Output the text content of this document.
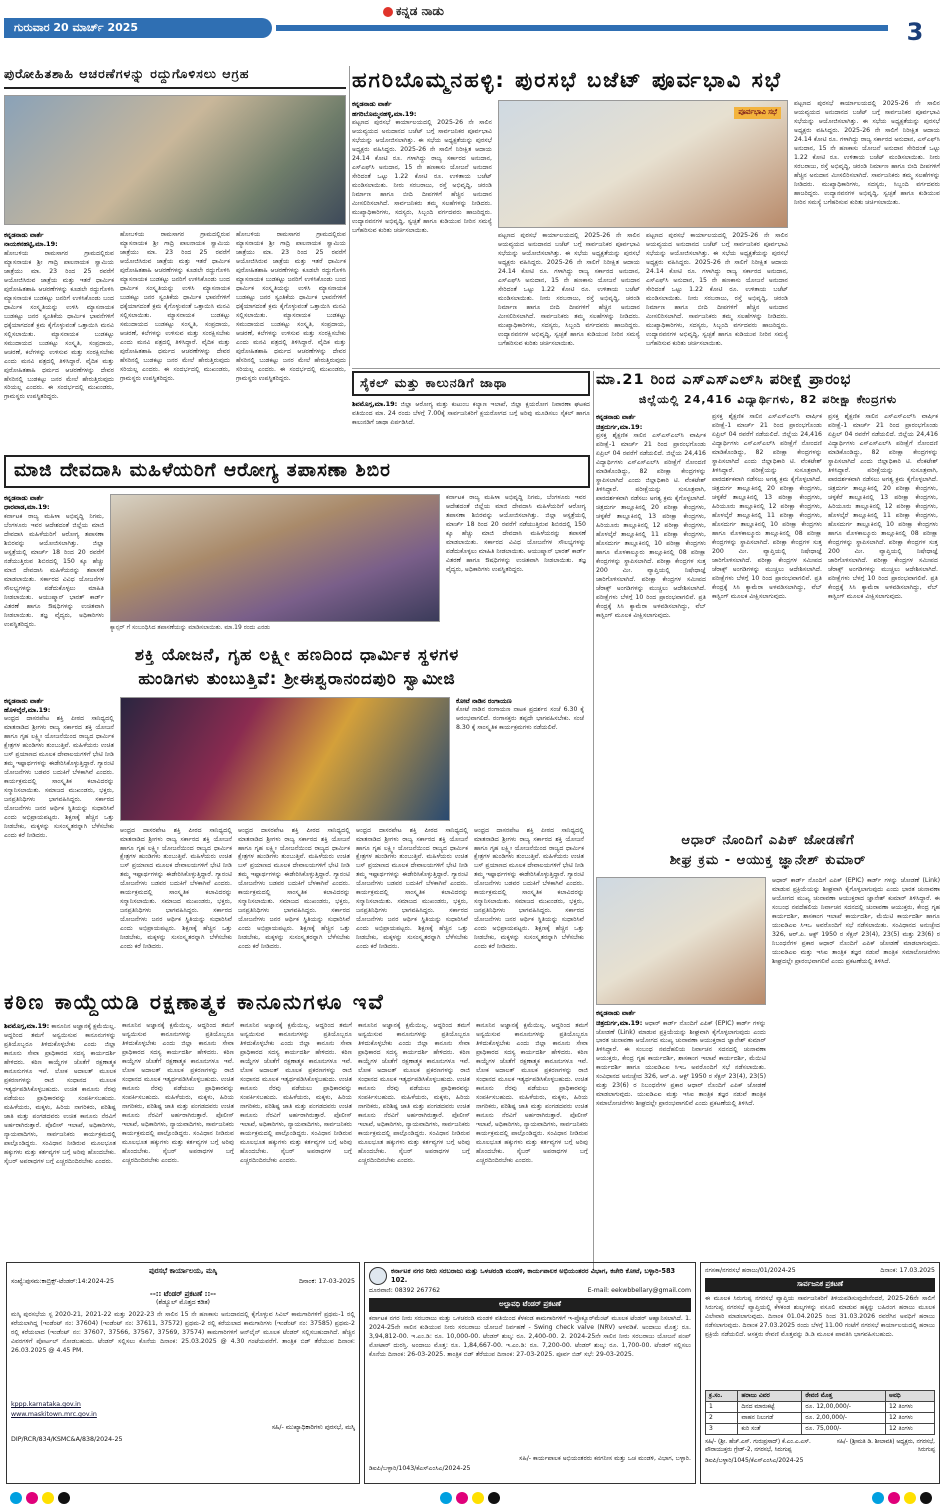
ಗುರುವಾರ 20 ಮಾರ್ಚ್ 2025
ಕನ್ನಡ ನಾಡು
3
ಪುರೋಹಿತಶಾಹಿ ಆಚರಣೆಗಳನ್ನು ರದ್ದುಗೊಳಿಸಲು ಆಗ್ರಹ
ಕನ್ನಡನಾಡು ವಾರ್ತೆ
ನಾಯಕನಹಟ್ಟಿ,ಮಾ.19:
ಹೋಬಳಿಯ ರಾಮಸಾಗರ ಗ್ರಾಮದಲ್ಲಿರುವ ಮ್ಯಾಸನಾಯಕ ಶ್ರೀ ಗಾದ್ರಿ ಪಾಲನಾಯಕ ಸ್ವಾಮಿಯ ಜಾತ್ರೆಯು ಮಾ. 23 ರಿಂದ 25 ರವರೆಗೆ ಆಯೋಜಿಸಿರುವ ಜಾತ್ರೆಯ ಮತ್ತು ಇತರೆ ಧಾರ್ಮಿಕ ಪುರೋಹಿತಶಾಹಿ ಆಚರಣೆಗಳನ್ನು ಕೂಡಲೇ ರದ್ದುಗೊಳಿಸಿ ಮ್ಯಾಸನಾಯಕ ಬುಡಕಟ್ಟು ಜನರಿಗೆ ಉಳಿಸಿಕೊಂಡು ಬಂದ ಧಾರ್ಮಿಕ ಸಂಸ್ಕೃತಿಯನ್ನು ಉಳಿಸಿ ಮ್ಯಾಸನಾಯಕ ಬುಡಕಟ್ಟು ಜನರ ಸ್ವಂತಿಕೆಯ ಧಾರ್ಮಿಕ ಭಾವನೆಗಳಿಗೆ ಧಕ್ಕೆಯಾಗದಂತೆ ಕ್ರಮ ಕೈಗೊಳ್ಳುವಂತೆ ಒತ್ತಾಯಿಸಿ ಮನವಿ ಸಲ್ಲಿಸಲಾಯಿತು. ಮ್ಯಾಸನಾಯಕ ಬುಡಕಟ್ಟು ಸಮುದಾಯದ ಬುಡಕಟ್ಟು ಸಂಸ್ಕೃತಿ, ಸಂಪ್ರದಾಯ, ಆಚರಣೆ, ಕಲೆಗಳನ್ನು ಉಳಿಸುವ ಮತ್ತು ಸಂರಕ್ಷಿಸಬೇಕು ಎಂದು ಮನವಿ ಪತ್ರದಲ್ಲಿ ತಿಳಿಸಿದ್ದಾರೆ. ವೈದಿಕ ಮತ್ತು ಪುರೋಹಿತಶಾಹಿ ಧರ್ಮದ ಆಚರಣೆಗಳನ್ನು ದೇವರ ಹೆಸರಿನಲ್ಲಿ ಬುಡಕಟ್ಟು ಜನರ ಮೇಲೆ ಹೇರುತ್ತಿರುವುದು ಸರಿಯಲ್ಲ ಎಂದರು. ಈ ಸಂದರ್ಭದಲ್ಲಿ ಮುಖಂಡರು, ಗ್ರಾಮಸ್ಥರು ಉಪಸ್ಥಿತರಿದ್ದರು.
ಹೋಬಳಿಯ ರಾಮಸಾಗರ ಗ್ರಾಮದಲ್ಲಿರುವ ಮ್ಯಾಸನಾಯಕ ಶ್ರೀ ಗಾದ್ರಿ ಪಾಲನಾಯಕ ಸ್ವಾಮಿಯ ಜಾತ್ರೆಯು ಮಾ. 23 ರಿಂದ 25 ರವರೆಗೆ ಆಯೋಜಿಸಿರುವ ಜಾತ್ರೆಯ ಮತ್ತು ಇತರೆ ಧಾರ್ಮಿಕ ಪುರೋಹಿತಶಾಹಿ ಆಚರಣೆಗಳನ್ನು ಕೂಡಲೇ ರದ್ದುಗೊಳಿಸಿ ಮ್ಯಾಸನಾಯಕ ಬುಡಕಟ್ಟು ಜನರಿಗೆ ಉಳಿಸಿಕೊಂಡು ಬಂದ ಧಾರ್ಮಿಕ ಸಂಸ್ಕೃತಿಯನ್ನು ಉಳಿಸಿ ಮ್ಯಾಸನಾಯಕ ಬುಡಕಟ್ಟು ಜನರ ಸ್ವಂತಿಕೆಯ ಧಾರ್ಮಿಕ ಭಾವನೆಗಳಿಗೆ ಧಕ್ಕೆಯಾಗದಂತೆ ಕ್ರಮ ಕೈಗೊಳ್ಳುವಂತೆ ಒತ್ತಾಯಿಸಿ ಮನವಿ ಸಲ್ಲಿಸಲಾಯಿತು. ಮ್ಯಾಸನಾಯಕ ಬುಡಕಟ್ಟು ಸಮುದಾಯದ ಬುಡಕಟ್ಟು ಸಂಸ್ಕೃತಿ, ಸಂಪ್ರದಾಯ, ಆಚರಣೆ, ಕಲೆಗಳನ್ನು ಉಳಿಸುವ ಮತ್ತು ಸಂರಕ್ಷಿಸಬೇಕು ಎಂದು ಮನವಿ ಪತ್ರದಲ್ಲಿ ತಿಳಿಸಿದ್ದಾರೆ. ವೈದಿಕ ಮತ್ತು ಪುರೋಹಿತಶಾಹಿ ಧರ್ಮದ ಆಚರಣೆಗಳನ್ನು ದೇವರ ಹೆಸರಿನಲ್ಲಿ ಬುಡಕಟ್ಟು ಜನರ ಮೇಲೆ ಹೇರುತ್ತಿರುವುದು ಸರಿಯಲ್ಲ ಎಂದರು. ಈ ಸಂದರ್ಭದಲ್ಲಿ ಮುಖಂಡರು, ಗ್ರಾಮಸ್ಥರು ಉಪಸ್ಥಿತರಿದ್ದರು.
ಹೋಬಳಿಯ ರಾಮಸಾಗರ ಗ್ರಾಮದಲ್ಲಿರುವ ಮ್ಯಾಸನಾಯಕ ಶ್ರೀ ಗಾದ್ರಿ ಪಾಲನಾಯಕ ಸ್ವಾಮಿಯ ಜಾತ್ರೆಯು ಮಾ. 23 ರಿಂದ 25 ರವರೆಗೆ ಆಯೋಜಿಸಿರುವ ಜಾತ್ರೆಯ ಮತ್ತು ಇತರೆ ಧಾರ್ಮಿಕ ಪುರೋಹಿತಶಾಹಿ ಆಚರಣೆಗಳನ್ನು ಕೂಡಲೇ ರದ್ದುಗೊಳಿಸಿ ಮ್ಯಾಸನಾಯಕ ಬುಡಕಟ್ಟು ಜನರಿಗೆ ಉಳಿಸಿಕೊಂಡು ಬಂದ ಧಾರ್ಮಿಕ ಸಂಸ್ಕೃತಿಯನ್ನು ಉಳಿಸಿ ಮ್ಯಾಸನಾಯಕ ಬುಡಕಟ್ಟು ಜನರ ಸ್ವಂತಿಕೆಯ ಧಾರ್ಮಿಕ ಭಾವನೆಗಳಿಗೆ ಧಕ್ಕೆಯಾಗದಂತೆ ಕ್ರಮ ಕೈಗೊಳ್ಳುವಂತೆ ಒತ್ತಾಯಿಸಿ ಮನವಿ ಸಲ್ಲಿಸಲಾಯಿತು. ಮ್ಯಾಸನಾಯಕ ಬುಡಕಟ್ಟು ಸಮುದಾಯದ ಬುಡಕಟ್ಟು ಸಂಸ್ಕೃತಿ, ಸಂಪ್ರದಾಯ, ಆಚರಣೆ, ಕಲೆಗಳನ್ನು ಉಳಿಸುವ ಮತ್ತು ಸಂರಕ್ಷಿಸಬೇಕು ಎಂದು ಮನವಿ ಪತ್ರದಲ್ಲಿ ತಿಳಿಸಿದ್ದಾರೆ. ವೈದಿಕ ಮತ್ತು ಪುರೋಹಿತಶಾಹಿ ಧರ್ಮದ ಆಚರಣೆಗಳನ್ನು ದೇವರ ಹೆಸರಿನಲ್ಲಿ ಬುಡಕಟ್ಟು ಜನರ ಮೇಲೆ ಹೇರುತ್ತಿರುವುದು ಸರಿಯಲ್ಲ ಎಂದರು. ಈ ಸಂದರ್ಭದಲ್ಲಿ ಮುಖಂಡರು, ಗ್ರಾಮಸ್ಥರು ಉಪಸ್ಥಿತರಿದ್ದರು.
ಹಗರಿಬೊಮ್ಮನಹಳ್ಳಿ: ಪುರಸಭೆ ಬಜೆಟ್ ಪೂರ್ವಭಾವಿ ಸಭೆ
ಕನ್ನಡನಾಡು ವಾರ್ತೆ
ಹಗರಿಬೊಮ್ಮನಹಳ್ಳಿ,ಮಾ.19:
ಪಟ್ಟಣದ ಪುರಸಭೆ ಕಾರ್ಯಾಲಯದಲ್ಲಿ 2025-26 ನೇ ಸಾಲಿನ ಆಯವ್ಯಯದ ಅನುದಾನದ ಬಜೆಟ್ ಬಗ್ಗೆ ಸಾರ್ವಜನಿಕರ ಪೂರ್ವಭಾವಿ ಸಭೆಯನ್ನು ಆಯೋಜಿಸಲಾಗಿತ್ತು. ಈ ಸಭೆಯ ಅಧ್ಯಕ್ಷತೆಯನ್ನು ಪುರಸಭೆ ಅಧ್ಯಕ್ಷರು ವಹಿಸಿದ್ದರು. 2025-26 ನೇ ಸಾಲಿಗೆ ನಿರೀಕ್ಷಿತ ಆದಾಯ 24.14 ಕೋಟಿ ರೂ. ಗಳಾಗಿದ್ದು ರಾಜ್ಯ ಸರ್ಕಾರದ ಅನುದಾನ, ಎಸ್ಎಫ್‌ಸಿ ಅನುದಾನ, 15 ನೇ ಹಣಕಾಸು ಯೋಜನೆ ಅನುದಾನ ಸೇರಿದಂತೆ ಒಟ್ಟು 1.22 ಕೋಟಿ ರೂ. ಉಳಿತಾಯ ಬಜೆಟ್ ಮಂಡಿಸಲಾಯಿತು. ನೀರು ಸರಬರಾಜು, ರಸ್ತೆ ಅಭಿವೃದ್ಧಿ, ಚರಂಡಿ ನಿರ್ಮಾಣ ಹಾಗೂ ಬೀದಿ ದೀಪಗಳಿಗೆ ಹೆಚ್ಚಿನ ಅನುದಾನ ಮೀಸಲಿರಿಸಲಾಗಿದೆ. ಸಾರ್ವಜನಿಕರು ತಮ್ಮ ಸಲಹೆಗಳನ್ನು ನೀಡಿದರು. ಮುಖ್ಯಾಧಿಕಾರಿಗಳು, ಸದಸ್ಯರು, ಸಿಬ್ಬಂದಿ ವರ್ಗದವರು ಹಾಜರಿದ್ದರು. ಉದ್ಯಾನವನಗಳ ಅಭಿವೃದ್ಧಿ, ಸ್ವಚ್ಛತೆ ಹಾಗೂ ಕುಡಿಯುವ ನೀರಿನ ಸಮಸ್ಯೆ ಬಗೆಹರಿಸುವ ಕುರಿತು ಚರ್ಚಿಸಲಾಯಿತು.
ಪೂರ್ವಭಾವಿ ಸಭೆ
ಪಟ್ಟಣದ ಪುರಸಭೆ ಕಾರ್ಯಾಲಯದಲ್ಲಿ 2025-26 ನೇ ಸಾಲಿನ ಆಯವ್ಯಯದ ಅನುದಾನದ ಬಜೆಟ್ ಬಗ್ಗೆ ಸಾರ್ವಜನಿಕರ ಪೂರ್ವಭಾವಿ ಸಭೆಯನ್ನು ಆಯೋಜಿಸಲಾಗಿತ್ತು. ಈ ಸಭೆಯ ಅಧ್ಯಕ್ಷತೆಯನ್ನು ಪುರಸಭೆ ಅಧ್ಯಕ್ಷರು ವಹಿಸಿದ್ದರು. 2025-26 ನೇ ಸಾಲಿಗೆ ನಿರೀಕ್ಷಿತ ಆದಾಯ 24.14 ಕೋಟಿ ರೂ. ಗಳಾಗಿದ್ದು ರಾಜ್ಯ ಸರ್ಕಾರದ ಅನುದಾನ, ಎಸ್ಎಫ್‌ಸಿ ಅನುದಾನ, 15 ನೇ ಹಣಕಾಸು ಯೋಜನೆ ಅನುದಾನ ಸೇರಿದಂತೆ ಒಟ್ಟು 1.22 ಕೋಟಿ ರೂ. ಉಳಿತಾಯ ಬಜೆಟ್ ಮಂಡಿಸಲಾಯಿತು. ನೀರು ಸರಬರಾಜು, ರಸ್ತೆ ಅಭಿವೃದ್ಧಿ, ಚರಂಡಿ ನಿರ್ಮಾಣ ಹಾಗೂ ಬೀದಿ ದೀಪಗಳಿಗೆ ಹೆಚ್ಚಿನ ಅನುದಾನ ಮೀಸಲಿರಿಸಲಾಗಿದೆ. ಸಾರ್ವಜನಿಕರು ತಮ್ಮ ಸಲಹೆಗಳನ್ನು ನೀಡಿದರು. ಮುಖ್ಯಾಧಿಕಾರಿಗಳು, ಸದಸ್ಯರು, ಸಿಬ್ಬಂದಿ ವರ್ಗದವರು ಹಾಜರಿದ್ದರು. ಉದ್ಯಾನವನಗಳ ಅಭಿವೃದ್ಧಿ, ಸ್ವಚ್ಛತೆ ಹಾಗೂ ಕುಡಿಯುವ ನೀರಿನ ಸಮಸ್ಯೆ ಬಗೆಹರಿಸುವ ಕುರಿತು ಚರ್ಚಿಸಲಾಯಿತು.
ಪಟ್ಟಣದ ಪುರಸಭೆ ಕಾರ್ಯಾಲಯದಲ್ಲಿ 2025-26 ನೇ ಸಾಲಿನ ಆಯವ್ಯಯದ ಅನುದಾನದ ಬಜೆಟ್ ಬಗ್ಗೆ ಸಾರ್ವಜನಿಕರ ಪೂರ್ವಭಾವಿ ಸಭೆಯನ್ನು ಆಯೋಜಿಸಲಾಗಿತ್ತು. ಈ ಸಭೆಯ ಅಧ್ಯಕ್ಷತೆಯನ್ನು ಪುರಸಭೆ ಅಧ್ಯಕ್ಷರು ವಹಿಸಿದ್ದರು. 2025-26 ನೇ ಸಾಲಿಗೆ ನಿರೀಕ್ಷಿತ ಆದಾಯ 24.14 ಕೋಟಿ ರೂ. ಗಳಾಗಿದ್ದು ರಾಜ್ಯ ಸರ್ಕಾರದ ಅನುದಾನ, ಎಸ್ಎಫ್‌ಸಿ ಅನುದಾನ, 15 ನೇ ಹಣಕಾಸು ಯೋಜನೆ ಅನುದಾನ ಸೇರಿದಂತೆ ಒಟ್ಟು 1.22 ಕೋಟಿ ರೂ. ಉಳಿತಾಯ ಬಜೆಟ್ ಮಂಡಿಸಲಾಯಿತು. ನೀರು ಸರಬರಾಜು, ರಸ್ತೆ ಅಭಿವೃದ್ಧಿ, ಚರಂಡಿ ನಿರ್ಮಾಣ ಹಾಗೂ ಬೀದಿ ದೀಪಗಳಿಗೆ ಹೆಚ್ಚಿನ ಅನುದಾನ ಮೀಸಲಿರಿಸಲಾಗಿದೆ. ಸಾರ್ವಜನಿಕರು ತಮ್ಮ ಸಲಹೆಗಳನ್ನು ನೀಡಿದರು. ಮುಖ್ಯಾಧಿಕಾರಿಗಳು, ಸದಸ್ಯರು, ಸಿಬ್ಬಂದಿ ವರ್ಗದವರು ಹಾಜರಿದ್ದರು. ಉದ್ಯಾನವನಗಳ ಅಭಿವೃದ್ಧಿ, ಸ್ವಚ್ಛತೆ ಹಾಗೂ ಕುಡಿಯುವ ನೀರಿನ ಸಮಸ್ಯೆ ಬಗೆಹರಿಸುವ ಕುರಿತು ಚರ್ಚಿಸಲಾಯಿತು.
ಪಟ್ಟಣದ ಪುರಸಭೆ ಕಾರ್ಯಾಲಯದಲ್ಲಿ 2025-26 ನೇ ಸಾಲಿನ ಆಯವ್ಯಯದ ಅನುದಾನದ ಬಜೆಟ್ ಬಗ್ಗೆ ಸಾರ್ವಜನಿಕರ ಪೂರ್ವಭಾವಿ ಸಭೆಯನ್ನು ಆಯೋಜಿಸಲಾಗಿತ್ತು. ಈ ಸಭೆಯ ಅಧ್ಯಕ್ಷತೆಯನ್ನು ಪುರಸಭೆ ಅಧ್ಯಕ್ಷರು ವಹಿಸಿದ್ದರು. 2025-26 ನೇ ಸಾಲಿಗೆ ನಿರೀಕ್ಷಿತ ಆದಾಯ 24.14 ಕೋಟಿ ರೂ. ಗಳಾಗಿದ್ದು ರಾಜ್ಯ ಸರ್ಕಾರದ ಅನುದಾನ, ಎಸ್ಎಫ್‌ಸಿ ಅನುದಾನ, 15 ನೇ ಹಣಕಾಸು ಯೋಜನೆ ಅನುದಾನ ಸೇರಿದಂತೆ ಒಟ್ಟು 1.22 ಕೋಟಿ ರೂ. ಉಳಿತಾಯ ಬಜೆಟ್ ಮಂಡಿಸಲಾಯಿತು. ನೀರು ಸರಬರಾಜು, ರಸ್ತೆ ಅಭಿವೃದ್ಧಿ, ಚರಂಡಿ ನಿರ್ಮಾಣ ಹಾಗೂ ಬೀದಿ ದೀಪಗಳಿಗೆ ಹೆಚ್ಚಿನ ಅನುದಾನ ಮೀಸಲಿರಿಸಲಾಗಿದೆ. ಸಾರ್ವಜನಿಕರು ತಮ್ಮ ಸಲಹೆಗಳನ್ನು ನೀಡಿದರು. ಮುಖ್ಯಾಧಿಕಾರಿಗಳು, ಸದಸ್ಯರು, ಸಿಬ್ಬಂದಿ ವರ್ಗದವರು ಹಾಜರಿದ್ದರು. ಉದ್ಯಾನವನಗಳ ಅಭಿವೃದ್ಧಿ, ಸ್ವಚ್ಛತೆ ಹಾಗೂ ಕುಡಿಯುವ ನೀರಿನ ಸಮಸ್ಯೆ ಬಗೆಹರಿಸುವ ಕುರಿತು ಚರ್ಚಿಸಲಾಯಿತು.
ಸೈಕಲ್ ಮತ್ತು ಕಾಲುನಡಿಗೆ ಜಾಥಾ
ಶಿವಮೊಗ್ಗ,ಮಾ.19: ಜಿಲ್ಲಾ ಆರೋಗ್ಯ ಮತ್ತು ಕುಟುಂಬ ಕಲ್ಯಾಣ ಇಲಾಖೆ, ಜಿಲ್ಲಾ ಕ್ಷಯರೋಗ ನಿವಾರಣಾ ಘಟಕದ ವತಿಯಿಂದ ಮಾ. 24 ರಂದು ಬೆಳಗ್ಗೆ 7.00ಕ್ಕೆ ಸಾರ್ವಜನಿಕರಿಗೆ ಕ್ಷಯರೋಗದ ಬಗ್ಗೆ ಅರಿವು ಮೂಡಿಸಲು ಸೈಕಲ್ ಹಾಗೂ ಕಾಲುನಡಿಗೆ ಜಾಥಾ ಏರ್ಪಡಿಸಿದೆ.
ಮಾ.21 ರಿಂದ ಎಸ್‌ಎಸ್‌ಎಲ್‌ಸಿ ಪರೀಕ್ಷೆ ಪ್ರಾರಂಭ
ಜಿಲ್ಲೆಯಲ್ಲಿ 24,416 ವಿದ್ಯಾರ್ಥಿಗಳು, 82 ಪರೀಕ್ಷಾ ಕೇಂದ್ರಗಳು
ಕನ್ನಡನಾಡು ವಾರ್ತೆ
ಚಿತ್ರದುರ್ಗ,ಮಾ.19:
ಪ್ರಸಕ್ತ ಶೈಕ್ಷಣಿಕ ಸಾಲಿನ ಎಸ್‌ಎಸ್‌ಎಲ್‌ಸಿ ವಾರ್ಷಿಕ ಪರೀಕ್ಷೆ-1 ಮಾರ್ಚ್ 21 ರಿಂದ ಪ್ರಾರಂಭಗೊಂಡು ಏಪ್ರಿಲ್ 04 ರವರೆಗೆ ನಡೆಯಲಿದೆ. ಜಿಲ್ಲೆಯ 24,416 ವಿದ್ಯಾರ್ಥಿಗಳು ಎಸ್‌ಎಸ್‌ಎಲ್‌ಸಿ ಪರೀಕ್ಷೆಗೆ ನೋಂದಣಿ ಮಾಡಿಕೊಂಡಿದ್ದು, 82 ಪರೀಕ್ಷಾ ಕೇಂದ್ರಗಳನ್ನು ಸ್ಥಾಪಿಸಲಾಗಿದೆ ಎಂದು ಜಿಲ್ಲಾಧಿಕಾರಿ ಟಿ. ವೆಂಕಟೇಶ್ ತಿಳಿಸಿದ್ದಾರೆ. ಪರೀಕ್ಷೆಯನ್ನು ಸುಸೂತ್ರವಾಗಿ, ಪಾರದರ್ಶಕವಾಗಿ ನಡೆಸಲು ಅಗತ್ಯ ಕ್ರಮ ಕೈಗೊಳ್ಳಲಾಗಿದೆ. ಚಿತ್ರದುರ್ಗ ತಾಲ್ಲೂಕಿನಲ್ಲಿ 20 ಪರೀಕ್ಷಾ ಕೇಂದ್ರಗಳು, ಚಳ್ಳಕೆರೆ ತಾಲ್ಲೂಕಿನಲ್ಲಿ 13 ಪರೀಕ್ಷಾ ಕೇಂದ್ರಗಳು, ಹಿರಿಯೂರು ತಾಲ್ಲೂಕಿನಲ್ಲಿ 12 ಪರೀಕ್ಷಾ ಕೇಂದ್ರಗಳು, ಹೊಳಲ್ಕೆರೆ ತಾಲ್ಲೂಕಿನಲ್ಲಿ 11 ಪರೀಕ್ಷಾ ಕೇಂದ್ರಗಳು, ಹೊಸದುರ್ಗ ತಾಲ್ಲೂಕಿನಲ್ಲಿ 10 ಪರೀಕ್ಷಾ ಕೇಂದ್ರಗಳು ಹಾಗೂ ಮೊಳಕಾಲ್ಮೂರು ತಾಲ್ಲೂಕಿನಲ್ಲಿ 08 ಪರೀಕ್ಷಾ ಕೇಂದ್ರಗಳನ್ನು ಸ್ಥಾಪಿಸಲಾಗಿದೆ. ಪರೀಕ್ಷಾ ಕೇಂದ್ರಗಳ ಸುತ್ತ 200 ಮೀ. ವ್ಯಾಪ್ತಿಯಲ್ಲಿ ನಿಷೇಧಾಜ್ಞೆ ಜಾರಿಗೊಳಿಸಲಾಗಿದೆ. ಪರೀಕ್ಷಾ ಕೇಂದ್ರಗಳ ಸಮೀಪದ ಜೆರಾಕ್ಸ್ ಅಂಗಡಿಗಳನ್ನು ಮುಚ್ಚಲು ಆದೇಶಿಸಲಾಗಿದೆ. ಪರೀಕ್ಷೆಗಳು ಬೆಳಗ್ಗೆ 10 ರಿಂದ ಪ್ರಾರಂಭವಾಗಲಿವೆ. ಪ್ರತಿ ಕೇಂದ್ರಕ್ಕೆ ಸಿಸಿ ಕ್ಯಾಮೆರಾ ಅಳವಡಿಸಲಾಗಿದ್ದು, ವೆಬ್ ಕಾಸ್ಟಿಂಗ್ ಮೂಲಕ ವೀಕ್ಷಿಸಲಾಗುವುದು.
ಪ್ರಸಕ್ತ ಶೈಕ್ಷಣಿಕ ಸಾಲಿನ ಎಸ್‌ಎಸ್‌ಎಲ್‌ಸಿ ವಾರ್ಷಿಕ ಪರೀಕ್ಷೆ-1 ಮಾರ್ಚ್ 21 ರಿಂದ ಪ್ರಾರಂಭಗೊಂಡು ಏಪ್ರಿಲ್ 04 ರವರೆಗೆ ನಡೆಯಲಿದೆ. ಜಿಲ್ಲೆಯ 24,416 ವಿದ್ಯಾರ್ಥಿಗಳು ಎಸ್‌ಎಸ್‌ಎಲ್‌ಸಿ ಪರೀಕ್ಷೆಗೆ ನೋಂದಣಿ ಮಾಡಿಕೊಂಡಿದ್ದು, 82 ಪರೀಕ್ಷಾ ಕೇಂದ್ರಗಳನ್ನು ಸ್ಥಾಪಿಸಲಾಗಿದೆ ಎಂದು ಜಿಲ್ಲಾಧಿಕಾರಿ ಟಿ. ವೆಂಕಟೇಶ್ ತಿಳಿಸಿದ್ದಾರೆ. ಪರೀಕ್ಷೆಯನ್ನು ಸುಸೂತ್ರವಾಗಿ, ಪಾರದರ್ಶಕವಾಗಿ ನಡೆಸಲು ಅಗತ್ಯ ಕ್ರಮ ಕೈಗೊಳ್ಳಲಾಗಿದೆ. ಚಿತ್ರದುರ್ಗ ತಾಲ್ಲೂಕಿನಲ್ಲಿ 20 ಪರೀಕ್ಷಾ ಕೇಂದ್ರಗಳು, ಚಳ್ಳಕೆರೆ ತಾಲ್ಲೂಕಿನಲ್ಲಿ 13 ಪರೀಕ್ಷಾ ಕೇಂದ್ರಗಳು, ಹಿರಿಯೂರು ತಾಲ್ಲೂಕಿನಲ್ಲಿ 12 ಪರೀಕ್ಷಾ ಕೇಂದ್ರಗಳು, ಹೊಳಲ್ಕೆರೆ ತಾಲ್ಲೂಕಿನಲ್ಲಿ 11 ಪರೀಕ್ಷಾ ಕೇಂದ್ರಗಳು, ಹೊಸದುರ್ಗ ತಾಲ್ಲೂಕಿನಲ್ಲಿ 10 ಪರೀಕ್ಷಾ ಕೇಂದ್ರಗಳು ಹಾಗೂ ಮೊಳಕಾಲ್ಮೂರು ತಾಲ್ಲೂಕಿನಲ್ಲಿ 08 ಪರೀಕ್ಷಾ ಕೇಂದ್ರಗಳನ್ನು ಸ್ಥಾಪಿಸಲಾಗಿದೆ. ಪರೀಕ್ಷಾ ಕೇಂದ್ರಗಳ ಸುತ್ತ 200 ಮೀ. ವ್ಯಾಪ್ತಿಯಲ್ಲಿ ನಿಷೇಧಾಜ್ಞೆ ಜಾರಿಗೊಳಿಸಲಾಗಿದೆ. ಪರೀಕ್ಷಾ ಕೇಂದ್ರಗಳ ಸಮೀಪದ ಜೆರಾಕ್ಸ್ ಅಂಗಡಿಗಳನ್ನು ಮುಚ್ಚಲು ಆದೇಶಿಸಲಾಗಿದೆ. ಪರೀಕ್ಷೆಗಳು ಬೆಳಗ್ಗೆ 10 ರಿಂದ ಪ್ರಾರಂಭವಾಗಲಿವೆ. ಪ್ರತಿ ಕೇಂದ್ರಕ್ಕೆ ಸಿಸಿ ಕ್ಯಾಮೆರಾ ಅಳವಡಿಸಲಾಗಿದ್ದು, ವೆಬ್ ಕಾಸ್ಟಿಂಗ್ ಮೂಲಕ ವೀಕ್ಷಿಸಲಾಗುವುದು.
ಪ್ರಸಕ್ತ ಶೈಕ್ಷಣಿಕ ಸಾಲಿನ ಎಸ್‌ಎಸ್‌ಎಲ್‌ಸಿ ವಾರ್ಷಿಕ ಪರೀಕ್ಷೆ-1 ಮಾರ್ಚ್ 21 ರಿಂದ ಪ್ರಾರಂಭಗೊಂಡು ಏಪ್ರಿಲ್ 04 ರವರೆಗೆ ನಡೆಯಲಿದೆ. ಜಿಲ್ಲೆಯ 24,416 ವಿದ್ಯಾರ್ಥಿಗಳು ಎಸ್‌ಎಸ್‌ಎಲ್‌ಸಿ ಪರೀಕ್ಷೆಗೆ ನೋಂದಣಿ ಮಾಡಿಕೊಂಡಿದ್ದು, 82 ಪರೀಕ್ಷಾ ಕೇಂದ್ರಗಳನ್ನು ಸ್ಥಾಪಿಸಲಾಗಿದೆ ಎಂದು ಜಿಲ್ಲಾಧಿಕಾರಿ ಟಿ. ವೆಂಕಟೇಶ್ ತಿಳಿಸಿದ್ದಾರೆ. ಪರೀಕ್ಷೆಯನ್ನು ಸುಸೂತ್ರವಾಗಿ, ಪಾರದರ್ಶಕವಾಗಿ ನಡೆಸಲು ಅಗತ್ಯ ಕ್ರಮ ಕೈಗೊಳ್ಳಲಾಗಿದೆ. ಚಿತ್ರದುರ್ಗ ತಾಲ್ಲೂಕಿನಲ್ಲಿ 20 ಪರೀಕ್ಷಾ ಕೇಂದ್ರಗಳು, ಚಳ್ಳಕೆರೆ ತಾಲ್ಲೂಕಿನಲ್ಲಿ 13 ಪರೀಕ್ಷಾ ಕೇಂದ್ರಗಳು, ಹಿರಿಯೂರು ತಾಲ್ಲೂಕಿನಲ್ಲಿ 12 ಪರೀಕ್ಷಾ ಕೇಂದ್ರಗಳು, ಹೊಳಲ್ಕೆರೆ ತಾಲ್ಲೂಕಿನಲ್ಲಿ 11 ಪರೀಕ್ಷಾ ಕೇಂದ್ರಗಳು, ಹೊಸದುರ್ಗ ತಾಲ್ಲೂಕಿನಲ್ಲಿ 10 ಪರೀಕ್ಷಾ ಕೇಂದ್ರಗಳು ಹಾಗೂ ಮೊಳಕಾಲ್ಮೂರು ತಾಲ್ಲೂಕಿನಲ್ಲಿ 08 ಪರೀಕ್ಷಾ ಕೇಂದ್ರಗಳನ್ನು ಸ್ಥಾಪಿಸಲಾಗಿದೆ. ಪರೀಕ್ಷಾ ಕೇಂದ್ರಗಳ ಸುತ್ತ 200 ಮೀ. ವ್ಯಾಪ್ತಿಯಲ್ಲಿ ನಿಷೇಧಾಜ್ಞೆ ಜಾರಿಗೊಳಿಸಲಾಗಿದೆ. ಪರೀಕ್ಷಾ ಕೇಂದ್ರಗಳ ಸಮೀಪದ ಜೆರಾಕ್ಸ್ ಅಂಗಡಿಗಳನ್ನು ಮುಚ್ಚಲು ಆದೇಶಿಸಲಾಗಿದೆ. ಪರೀಕ್ಷೆಗಳು ಬೆಳಗ್ಗೆ 10 ರಿಂದ ಪ್ರಾರಂಭವಾಗಲಿವೆ. ಪ್ರತಿ ಕೇಂದ್ರಕ್ಕೆ ಸಿಸಿ ಕ್ಯಾಮೆರಾ ಅಳವಡಿಸಲಾಗಿದ್ದು, ವೆಬ್ ಕಾಸ್ಟಿಂಗ್ ಮೂಲಕ ವೀಕ್ಷಿಸಲಾಗುವುದು.
ಮಾಜಿ ದೇವದಾಸಿ ಮಹಿಳೆಯರಿಗೆ ಆರೋಗ್ಯ ತಪಾಸಣಾ ಶಿಬಿರ
ಕನ್ನಡನಾಡು ವಾರ್ತೆ
ಧಾರವಾಡ,ಮಾ.19:
ಕರ್ನಾಟಕ ರಾಜ್ಯ ಮಹಿಳಾ ಅಭಿವೃದ್ಧಿ ನಿಗಮ, ಬೆಂಗಳೂರು ಇವರ ಆದೇಶದಂತೆ ಜಿಲ್ಲೆಯ ಮಾಜಿ ದೇವದಾಸಿ ಮಹಿಳೆಯರಿಗೆ ಆರೋಗ್ಯ ತಪಾಸಣಾ ಶಿಬಿರವನ್ನು ಆಯೋಜಿಸಲಾಗಿತ್ತು. ಜಿಲ್ಲಾ ಆಸ್ಪತ್ರೆಯಲ್ಲಿ ಮಾರ್ಚ್ 18 ರಿಂದ 20 ರವರೆಗೆ ನಡೆಯುತ್ತಿರುವ ಶಿಬಿರದಲ್ಲಿ 150 ಕ್ಕೂ ಹೆಚ್ಚು ಮಾಜಿ ದೇವದಾಸಿ ಮಹಿಳೆಯರನ್ನು ತಪಾಸಣೆ ಮಾಡಲಾಯಿತು. ಸರ್ಕಾರದ ವಿವಿಧ ಯೋಜನೆಗಳ ಸೌಲಭ್ಯಗಳನ್ನು ಪಡೆದುಕೊಳ್ಳಲು ಮಾಹಿತಿ ನೀಡಲಾಯಿತು. ಆಯುಷ್ಮಾನ್ ಭಾರತ್ ಕಾರ್ಡ್ ವಿತರಣೆ ಹಾಗೂ ಔಷಧಿಗಳನ್ನು ಉಚಿತವಾಗಿ ನೀಡಲಾಯಿತು. ತಜ್ಞ ವೈದ್ಯರು, ಅಧಿಕಾರಿಗಳು ಉಪಸ್ಥಿತರಿದ್ದರು.	ಕ್ಯಾನ್ಸರ್ ಗೆ ಸಂಬಂಧಿಸಿದ ತಪಾಸಣೆಯನ್ನು ಮಾಡಿಸಲಾಯಿತು. ಮಾ.19 ರಂದು ಎರಡು
ಕರ್ನಾಟಕ ರಾಜ್ಯ ಮಹಿಳಾ ಅಭಿವೃದ್ಧಿ ನಿಗಮ, ಬೆಂಗಳೂರು ಇವರ ಆದೇಶದಂತೆ ಜಿಲ್ಲೆಯ ಮಾಜಿ ದೇವದಾಸಿ ಮಹಿಳೆಯರಿಗೆ ಆರೋಗ್ಯ ತಪಾಸಣಾ ಶಿಬಿರವನ್ನು ಆಯೋಜಿಸಲಾಗಿತ್ತು. ಜಿಲ್ಲಾ ಆಸ್ಪತ್ರೆಯಲ್ಲಿ ಮಾರ್ಚ್ 18 ರಿಂದ 20 ರವರೆಗೆ ನಡೆಯುತ್ತಿರುವ ಶಿಬಿರದಲ್ಲಿ 150 ಕ್ಕೂ ಹೆಚ್ಚು ಮಾಜಿ ದೇವದಾಸಿ ಮಹಿಳೆಯರನ್ನು ತಪಾಸಣೆ ಮಾಡಲಾಯಿತು. ಸರ್ಕಾರದ ವಿವಿಧ ಯೋಜನೆಗಳ ಸೌಲಭ್ಯಗಳನ್ನು ಪಡೆದುಕೊಳ್ಳಲು ಮಾಹಿತಿ ನೀಡಲಾಯಿತು. ಆಯುಷ್ಮಾನ್ ಭಾರತ್ ಕಾರ್ಡ್ ವಿತರಣೆ ಹಾಗೂ ಔಷಧಿಗಳನ್ನು ಉಚಿತವಾಗಿ ನೀಡಲಾಯಿತು. ತಜ್ಞ ವೈದ್ಯರು, ಅಧಿಕಾರಿಗಳು ಉಪಸ್ಥಿತರಿದ್ದರು.
ಶಕ್ತಿ ಯೋಜನೆ, ಗೃಹ ಲಕ್ಷ್ಮೀ ಹಣದಿಂದ ಧಾರ್ಮಿಕ ಸ್ಥಳಗಳ
ಹುಂಡಿಗಳು ತುಂಬುತ್ತಿವೆ: ಶ್ರೀಈಶ್ವರಾನಂದಪುರಿ ಸ್ವಾಮೀಜಿ
ಕನ್ನಡನಾಡು ವಾರ್ತೆ
ಹೊಳಲ್ಕೆರೆ,ಮಾ.19:
ಆಂಧ್ರದ ದಾಸರಪೇಟ ಶಕ್ತಿ ಪೀಠದ ಸಾನಿಧ್ಯದಲ್ಲಿ ಮಾತನಾಡಿದ ಶ್ರೀಗಳು ರಾಜ್ಯ ಸರ್ಕಾರದ ಶಕ್ತಿ ಯೋಜನೆ ಹಾಗೂ ಗೃಹ ಲಕ್ಷ್ಮೀ ಯೋಜನೆಯಿಂದ ರಾಜ್ಯದ ಧಾರ್ಮಿಕ ಕ್ಷೇತ್ರಗಳ ಹುಂಡಿಗಳು ತುಂಬುತ್ತಿವೆ. ಮಹಿಳೆಯರು ಉಚಿತ ಬಸ್ ಪ್ರಯಾಣದ ಮೂಲಕ ದೇವಾಲಯಗಳಿಗೆ ಭೇಟಿ ನೀಡಿ ತಮ್ಮ ಇಷ್ಟಾರ್ಥಗಳನ್ನು ಈಡೇರಿಸಿಕೊಳ್ಳುತ್ತಿದ್ದಾರೆ. ಗ್ಯಾರಂಟಿ ಯೋಜನೆಗಳು ಬಡವರ ಬದುಕಿಗೆ ಬೆಳಕಾಗಿವೆ ಎಂದರು. ಕಾರ್ಯಕ್ರಮದಲ್ಲಿ ಸಾಂಸ್ಕೃತಿಕ ಕಲಾವಿದರನ್ನು ಸನ್ಮಾನಿಸಲಾಯಿತು. ಸಮಾಜದ ಮುಖಂಡರು, ಭಕ್ತರು, ಜನಪ್ರತಿನಿಧಿಗಳು ಭಾಗವಹಿಸಿದ್ದರು. ಸರ್ಕಾರದ ಯೋಜನೆಗಳು ಜನರ ಆರ್ಥಿಕ ಸ್ಥಿತಿಯನ್ನು ಸುಧಾರಿಸಿವೆ ಎಂದು ಅಭಿಪ್ರಾಯಪಟ್ಟರು. ಶಿಕ್ಷಣಕ್ಕೆ ಹೆಚ್ಚಿನ ಒತ್ತು ನೀಡಬೇಕು, ಮಕ್ಕಳನ್ನು ಸುಸಂಸ್ಕೃತರನ್ನಾಗಿ ಬೆಳೆಸಬೇಕು ಎಂದು ಕರೆ ನೀಡಿದರು.
ಕೋಟೆ ನಾಡಿನ ರಂಗಾಯಣ
ಕೋಟೆ ನಾಡಿನ ರಂಗಾಯಣ ನಾಟಕ ಪ್ರದರ್ಶನ ಸಂಜೆ 6.30 ಕ್ಕೆ ಆರಂಭವಾಗಲಿದೆ. ರಂಗಾಸಕ್ತರು ತಪ್ಪದೇ ಭಾಗವಹಿಸಬೇಕು. ಸಂಜೆ 8.30 ಕ್ಕೆ ಸಾಂಸ್ಕೃತಿಕ ಕಾರ್ಯಕ್ರಮಗಳು ನಡೆಯಲಿವೆ.
ಆಂಧ್ರದ ದಾಸರಪೇಟ ಶಕ್ತಿ ಪೀಠದ ಸಾನಿಧ್ಯದಲ್ಲಿ ಮಾತನಾಡಿದ ಶ್ರೀಗಳು ರಾಜ್ಯ ಸರ್ಕಾರದ ಶಕ್ತಿ ಯೋಜನೆ ಹಾಗೂ ಗೃಹ ಲಕ್ಷ್ಮೀ ಯೋಜನೆಯಿಂದ ರಾಜ್ಯದ ಧಾರ್ಮಿಕ ಕ್ಷೇತ್ರಗಳ ಹುಂಡಿಗಳು ತುಂಬುತ್ತಿವೆ. ಮಹಿಳೆಯರು ಉಚಿತ ಬಸ್ ಪ್ರಯಾಣದ ಮೂಲಕ ದೇವಾಲಯಗಳಿಗೆ ಭೇಟಿ ನೀಡಿ ತಮ್ಮ ಇಷ್ಟಾರ್ಥಗಳನ್ನು ಈಡೇರಿಸಿಕೊಳ್ಳುತ್ತಿದ್ದಾರೆ. ಗ್ಯಾರಂಟಿ ಯೋಜನೆಗಳು ಬಡವರ ಬದುಕಿಗೆ ಬೆಳಕಾಗಿವೆ ಎಂದರು. ಕಾರ್ಯಕ್ರಮದಲ್ಲಿ ಸಾಂಸ್ಕೃತಿಕ ಕಲಾವಿದರನ್ನು ಸನ್ಮಾನಿಸಲಾಯಿತು. ಸಮಾಜದ ಮುಖಂಡರು, ಭಕ್ತರು, ಜನಪ್ರತಿನಿಧಿಗಳು ಭಾಗವಹಿಸಿದ್ದರು. ಸರ್ಕಾರದ ಯೋಜನೆಗಳು ಜನರ ಆರ್ಥಿಕ ಸ್ಥಿತಿಯನ್ನು ಸುಧಾರಿಸಿವೆ ಎಂದು ಅಭಿಪ್ರಾಯಪಟ್ಟರು. ಶಿಕ್ಷಣಕ್ಕೆ ಹೆಚ್ಚಿನ ಒತ್ತು ನೀಡಬೇಕು, ಮಕ್ಕಳನ್ನು ಸುಸಂಸ್ಕೃತರನ್ನಾಗಿ ಬೆಳೆಸಬೇಕು ಎಂದು ಕರೆ ನೀಡಿದರು.
ಆಂಧ್ರದ ದಾಸರಪೇಟ ಶಕ್ತಿ ಪೀಠದ ಸಾನಿಧ್ಯದಲ್ಲಿ ಮಾತನಾಡಿದ ಶ್ರೀಗಳು ರಾಜ್ಯ ಸರ್ಕಾರದ ಶಕ್ತಿ ಯೋಜನೆ ಹಾಗೂ ಗೃಹ ಲಕ್ಷ್ಮೀ ಯೋಜನೆಯಿಂದ ರಾಜ್ಯದ ಧಾರ್ಮಿಕ ಕ್ಷೇತ್ರಗಳ ಹುಂಡಿಗಳು ತುಂಬುತ್ತಿವೆ. ಮಹಿಳೆಯರು ಉಚಿತ ಬಸ್ ಪ್ರಯಾಣದ ಮೂಲಕ ದೇವಾಲಯಗಳಿಗೆ ಭೇಟಿ ನೀಡಿ ತಮ್ಮ ಇಷ್ಟಾರ್ಥಗಳನ್ನು ಈಡೇರಿಸಿಕೊಳ್ಳುತ್ತಿದ್ದಾರೆ. ಗ್ಯಾರಂಟಿ ಯೋಜನೆಗಳು ಬಡವರ ಬದುಕಿಗೆ ಬೆಳಕಾಗಿವೆ ಎಂದರು. ಕಾರ್ಯಕ್ರಮದಲ್ಲಿ ಸಾಂಸ್ಕೃತಿಕ ಕಲಾವಿದರನ್ನು ಸನ್ಮಾನಿಸಲಾಯಿತು. ಸಮಾಜದ ಮುಖಂಡರು, ಭಕ್ತರು, ಜನಪ್ರತಿನಿಧಿಗಳು ಭಾಗವಹಿಸಿದ್ದರು. ಸರ್ಕಾರದ ಯೋಜನೆಗಳು ಜನರ ಆರ್ಥಿಕ ಸ್ಥಿತಿಯನ್ನು ಸುಧಾರಿಸಿವೆ ಎಂದು ಅಭಿಪ್ರಾಯಪಟ್ಟರು. ಶಿಕ್ಷಣಕ್ಕೆ ಹೆಚ್ಚಿನ ಒತ್ತು ನೀಡಬೇಕು, ಮಕ್ಕಳನ್ನು ಸುಸಂಸ್ಕೃತರನ್ನಾಗಿ ಬೆಳೆಸಬೇಕು ಎಂದು ಕರೆ ನೀಡಿದರು.
ಆಂಧ್ರದ ದಾಸರಪೇಟ ಶಕ್ತಿ ಪೀಠದ ಸಾನಿಧ್ಯದಲ್ಲಿ ಮಾತನಾಡಿದ ಶ್ರೀಗಳು ರಾಜ್ಯ ಸರ್ಕಾರದ ಶಕ್ತಿ ಯೋಜನೆ ಹಾಗೂ ಗೃಹ ಲಕ್ಷ್ಮೀ ಯೋಜನೆಯಿಂದ ರಾಜ್ಯದ ಧಾರ್ಮಿಕ ಕ್ಷೇತ್ರಗಳ ಹುಂಡಿಗಳು ತುಂಬುತ್ತಿವೆ. ಮಹಿಳೆಯರು ಉಚಿತ ಬಸ್ ಪ್ರಯಾಣದ ಮೂಲಕ ದೇವಾಲಯಗಳಿಗೆ ಭೇಟಿ ನೀಡಿ ತಮ್ಮ ಇಷ್ಟಾರ್ಥಗಳನ್ನು ಈಡೇರಿಸಿಕೊಳ್ಳುತ್ತಿದ್ದಾರೆ. ಗ್ಯಾರಂಟಿ ಯೋಜನೆಗಳು ಬಡವರ ಬದುಕಿಗೆ ಬೆಳಕಾಗಿವೆ ಎಂದರು. ಕಾರ್ಯಕ್ರಮದಲ್ಲಿ ಸಾಂಸ್ಕೃತಿಕ ಕಲಾವಿದರನ್ನು ಸನ್ಮಾನಿಸಲಾಯಿತು. ಸಮಾಜದ ಮುಖಂಡರು, ಭಕ್ತರು, ಜನಪ್ರತಿನಿಧಿಗಳು ಭಾಗವಹಿಸಿದ್ದರು. ಸರ್ಕಾರದ ಯೋಜನೆಗಳು ಜನರ ಆರ್ಥಿಕ ಸ್ಥಿತಿಯನ್ನು ಸುಧಾರಿಸಿವೆ ಎಂದು ಅಭಿಪ್ರಾಯಪಟ್ಟರು. ಶಿಕ್ಷಣಕ್ಕೆ ಹೆಚ್ಚಿನ ಒತ್ತು ನೀಡಬೇಕು, ಮಕ್ಕಳನ್ನು ಸುಸಂಸ್ಕೃತರನ್ನಾಗಿ ಬೆಳೆಸಬೇಕು ಎಂದು ಕರೆ ನೀಡಿದರು.
ಆಂಧ್ರದ ದಾಸರಪೇಟ ಶಕ್ತಿ ಪೀಠದ ಸಾನಿಧ್ಯದಲ್ಲಿ ಮಾತನಾಡಿದ ಶ್ರೀಗಳು ರಾಜ್ಯ ಸರ್ಕಾರದ ಶಕ್ತಿ ಯೋಜನೆ ಹಾಗೂ ಗೃಹ ಲಕ್ಷ್ಮೀ ಯೋಜನೆಯಿಂದ ರಾಜ್ಯದ ಧಾರ್ಮಿಕ ಕ್ಷೇತ್ರಗಳ ಹುಂಡಿಗಳು ತುಂಬುತ್ತಿವೆ. ಮಹಿಳೆಯರು ಉಚಿತ ಬಸ್ ಪ್ರಯಾಣದ ಮೂಲಕ ದೇವಾಲಯಗಳಿಗೆ ಭೇಟಿ ನೀಡಿ ತಮ್ಮ ಇಷ್ಟಾರ್ಥಗಳನ್ನು ಈಡೇರಿಸಿಕೊಳ್ಳುತ್ತಿದ್ದಾರೆ. ಗ್ಯಾರಂಟಿ ಯೋಜನೆಗಳು ಬಡವರ ಬದುಕಿಗೆ ಬೆಳಕಾಗಿವೆ ಎಂದರು. ಕಾರ್ಯಕ್ರಮದಲ್ಲಿ ಸಾಂಸ್ಕೃತಿಕ ಕಲಾವಿದರನ್ನು ಸನ್ಮಾನಿಸಲಾಯಿತು. ಸಮಾಜದ ಮುಖಂಡರು, ಭಕ್ತರು, ಜನಪ್ರತಿನಿಧಿಗಳು ಭಾಗವಹಿಸಿದ್ದರು. ಸರ್ಕಾರದ ಯೋಜನೆಗಳು ಜನರ ಆರ್ಥಿಕ ಸ್ಥಿತಿಯನ್ನು ಸುಧಾರಿಸಿವೆ ಎಂದು ಅಭಿಪ್ರಾಯಪಟ್ಟರು. ಶಿಕ್ಷಣಕ್ಕೆ ಹೆಚ್ಚಿನ ಒತ್ತು ನೀಡಬೇಕು, ಮಕ್ಕಳನ್ನು ಸುಸಂಸ್ಕೃತರನ್ನಾಗಿ ಬೆಳೆಸಬೇಕು ಎಂದು ಕರೆ ನೀಡಿದರು.
ಆಧಾರ್ ನೊಂದಿಗೆ ಎಪಿಕ್ ಜೋಡಣೆಗೆ
ಶೀಘ್ರ ಕ್ರಮ - ಆಯುಕ್ತ ಜ್ಞಾನೇಶ್ ಕುಮಾರ್
ಕನ್ನಡನಾಡು ವಾರ್ತೆ
ಚಿತ್ರದುರ್ಗ,ಮಾ.19: ಆಧಾರ್ ಕಾರ್ಡ್ ನೊಂದಿಗೆ ಎಪಿಕ್ (EPIC) ಕಾರ್ಡ್ ಗಳನ್ನು ಜೋಡಣೆ (Link) ಮಾಡುವ ಪ್ರಕ್ರಿಯೆಯನ್ನು ಶೀಘ್ರವಾಗಿ ಕೈಗೊಳ್ಳಲಾಗುವುದು ಎಂದು ಭಾರತ ಚುನಾವಣಾ ಆಯೋಗದ ಮುಖ್ಯ ಚುನಾವಣಾ ಆಯುಕ್ತರಾದ ಜ್ಞಾನೇಶ್ ಕುಮಾರ್ ತಿಳಿಸಿದ್ದಾರೆ. ಈ ಸಂಬಂಧ ನವದೆಹಲಿಯ ನಿರ್ವಾಚನ ಸದನದಲ್ಲಿ ಚುನಾವಣಾ ಆಯುಕ್ತರು, ಕೇಂದ್ರ ಗೃಹ ಕಾರ್ಯದರ್ಶಿ, ಶಾಸಕಾಂಗ ಇಲಾಖೆ ಕಾರ್ಯದರ್ಶಿ, ಮೆಯಿಟಿ ಕಾರ್ಯದರ್ಶಿ ಹಾಗೂ ಯುಐಡಿಎಐ ಸಿಇಒ ಅವರೊಂದಿಗೆ ಸಭೆ ನಡೆಸಲಾಯಿತು. ಸಂವಿಧಾನದ ಅನುಚ್ಛೇದ 326, ಆರ್.ಪಿ. ಆಕ್ಟ್ 1950 ರ ಸೆಕ್ಷನ್ 23(4), 23(5) ಮತ್ತು 23(6) ರ ನಿಬಂಧನೆಗಳ ಪ್ರಕಾರ ಆಧಾರ್ ನೊಂದಿಗೆ ಎಪಿಕ್ ಜೋಡಣೆ ಮಾಡಲಾಗುವುದು. ಯುಐಡಿಎಐ ಮತ್ತು ಇಸಿಐ ತಾಂತ್ರಿಕ ತಜ್ಞರ ನಡುವೆ ತಾಂತ್ರಿಕ ಸಮಾಲೋಚನೆಗಳು ಶೀಘ್ರದಲ್ಲೇ ಪ್ರಾರಂಭವಾಗಲಿವೆ ಎಂದು ಪ್ರಕಟಣೆಯಲ್ಲಿ ತಿಳಿಸಿದೆ.
ಆಧಾರ್ ಕಾರ್ಡ್ ನೊಂದಿಗೆ ಎಪಿಕ್ (EPIC) ಕಾರ್ಡ್ ಗಳನ್ನು ಜೋಡಣೆ (Link) ಮಾಡುವ ಪ್ರಕ್ರಿಯೆಯನ್ನು ಶೀಘ್ರವಾಗಿ ಕೈಗೊಳ್ಳಲಾಗುವುದು ಎಂದು ಭಾರತ ಚುನಾವಣಾ ಆಯೋಗದ ಮುಖ್ಯ ಚುನಾವಣಾ ಆಯುಕ್ತರಾದ ಜ್ಞಾನೇಶ್ ಕುಮಾರ್ ತಿಳಿಸಿದ್ದಾರೆ. ಈ ಸಂಬಂಧ ನವದೆಹಲಿಯ ನಿರ್ವಾಚನ ಸದನದಲ್ಲಿ ಚುನಾವಣಾ ಆಯುಕ್ತರು, ಕೇಂದ್ರ ಗೃಹ ಕಾರ್ಯದರ್ಶಿ, ಶಾಸಕಾಂಗ ಇಲಾಖೆ ಕಾರ್ಯದರ್ಶಿ, ಮೆಯಿಟಿ ಕಾರ್ಯದರ್ಶಿ ಹಾಗೂ ಯುಐಡಿಎಐ ಸಿಇಒ ಅವರೊಂದಿಗೆ ಸಭೆ ನಡೆಸಲಾಯಿತು. ಸಂವಿಧಾನದ ಅನುಚ್ಛೇದ 326, ಆರ್.ಪಿ. ಆಕ್ಟ್ 1950 ರ ಸೆಕ್ಷನ್ 23(4), 23(5) ಮತ್ತು 23(6) ರ ನಿಬಂಧನೆಗಳ ಪ್ರಕಾರ ಆಧಾರ್ ನೊಂದಿಗೆ ಎಪಿಕ್ ಜೋಡಣೆ ಮಾಡಲಾಗುವುದು. ಯುಐಡಿಎಐ ಮತ್ತು ಇಸಿಐ ತಾಂತ್ರಿಕ ತಜ್ಞರ ನಡುವೆ ತಾಂತ್ರಿಕ ಸಮಾಲೋಚನೆಗಳು ಶೀಘ್ರದಲ್ಲೇ ಪ್ರಾರಂಭವಾಗಲಿವೆ ಎಂದು ಪ್ರಕಟಣೆಯಲ್ಲಿ ತಿಳಿಸಿದೆ.
ಕಠಿಣ ಕಾಯ್ದೆಯಡಿ ರಕ್ಷಣಾತ್ಮಕ ಕಾನೂನುಗಳೂ ಇವೆ
ಶಿವಮೊಗ್ಗ,ಮಾ.19: ಕಾನೂನಿನ ಅಜ್ಞಾನಕ್ಕೆ ಕ್ಷಮೆಯಿಲ್ಲ. ಆದ್ದರಿಂದ ತಮಗೆ ಅನ್ವಯಿಸುವ ಕಾನೂನುಗಳನ್ನು ಪ್ರತಿಯೊಬ್ಬರೂ ತಿಳಿದುಕೊಳ್ಳಬೇಕು ಎಂದು ಜಿಲ್ಲಾ ಕಾನೂನು ಸೇವಾ ಪ್ರಾಧಿಕಾರದ ಸದಸ್ಯ ಕಾರ್ಯದರ್ಶಿ ಹೇಳಿದರು. ಕಠಿಣ ಕಾಯ್ದೆಗಳ ಜೊತೆಗೆ ರಕ್ಷಣಾತ್ಮಕ ಕಾನೂನುಗಳೂ ಇವೆ. ಲೋಕ ಅದಾಲತ್ ಮೂಲಕ ಪ್ರಕರಣಗಳನ್ನು ರಾಜಿ ಸಂಧಾನದ ಮೂಲಕ ಇತ್ಯರ್ಥಪಡಿಸಿಕೊಳ್ಳಬಹುದು. ಉಚಿತ ಕಾನೂನು ನೆರವು ಪಡೆಯಲು ಪ್ರಾಧಿಕಾರವನ್ನು ಸಂಪರ್ಕಿಸಬಹುದು. ಮಹಿಳೆಯರು, ಮಕ್ಕಳು, ಹಿರಿಯ ನಾಗರಿಕರು, ಪರಿಶಿಷ್ಟ ಜಾತಿ ಮತ್ತು ಪಂಗಡದವರು ಉಚಿತ ಕಾನೂನು ನೆರವಿಗೆ ಅರ್ಹರಾಗಿರುತ್ತಾರೆ. ಪೊಲೀಸ್ ಇಲಾಖೆ, ಅಧಿಕಾರಿಗಳು, ನ್ಯಾಯವಾದಿಗಳು, ಸಾರ್ವಜನಿಕರು ಕಾರ್ಯಕ್ರಮದಲ್ಲಿ ಪಾಲ್ಗೊಂಡಿದ್ದರು. ಸಂವಿಧಾನ ನೀಡಿರುವ ಮೂಲಭೂತ ಹಕ್ಕುಗಳು ಮತ್ತು ಕರ್ತವ್ಯಗಳ ಬಗ್ಗೆ ಅರಿವು ಹೊಂದಬೇಕು. ಸೈಬರ್ ಅಪರಾಧಗಳ ಬಗ್ಗೆ ಎಚ್ಚರದಿಂದಿರಬೇಕು ಎಂದರು.
ಕಾನೂನಿನ ಅಜ್ಞಾನಕ್ಕೆ ಕ್ಷಮೆಯಿಲ್ಲ. ಆದ್ದರಿಂದ ತಮಗೆ ಅನ್ವಯಿಸುವ ಕಾನೂನುಗಳನ್ನು ಪ್ರತಿಯೊಬ್ಬರೂ ತಿಳಿದುಕೊಳ್ಳಬೇಕು ಎಂದು ಜಿಲ್ಲಾ ಕಾನೂನು ಸೇವಾ ಪ್ರಾಧಿಕಾರದ ಸದಸ್ಯ ಕಾರ್ಯದರ್ಶಿ ಹೇಳಿದರು. ಕಠಿಣ ಕಾಯ್ದೆಗಳ ಜೊತೆಗೆ ರಕ್ಷಣಾತ್ಮಕ ಕಾನೂನುಗಳೂ ಇವೆ. ಲೋಕ ಅದಾಲತ್ ಮೂಲಕ ಪ್ರಕರಣಗಳನ್ನು ರಾಜಿ ಸಂಧಾನದ ಮೂಲಕ ಇತ್ಯರ್ಥಪಡಿಸಿಕೊಳ್ಳಬಹುದು. ಉಚಿತ ಕಾನೂನು ನೆರವು ಪಡೆಯಲು ಪ್ರಾಧಿಕಾರವನ್ನು ಸಂಪರ್ಕಿಸಬಹುದು. ಮಹಿಳೆಯರು, ಮಕ್ಕಳು, ಹಿರಿಯ ನಾಗರಿಕರು, ಪರಿಶಿಷ್ಟ ಜಾತಿ ಮತ್ತು ಪಂಗಡದವರು ಉಚಿತ ಕಾನೂನು ನೆರವಿಗೆ ಅರ್ಹರಾಗಿರುತ್ತಾರೆ. ಪೊಲೀಸ್ ಇಲಾಖೆ, ಅಧಿಕಾರಿಗಳು, ನ್ಯಾಯವಾದಿಗಳು, ಸಾರ್ವಜನಿಕರು ಕಾರ್ಯಕ್ರಮದಲ್ಲಿ ಪಾಲ್ಗೊಂಡಿದ್ದರು. ಸಂವಿಧಾನ ನೀಡಿರುವ ಮೂಲಭೂತ ಹಕ್ಕುಗಳು ಮತ್ತು ಕರ್ತವ್ಯಗಳ ಬಗ್ಗೆ ಅರಿವು ಹೊಂದಬೇಕು. ಸೈಬರ್ ಅಪರಾಧಗಳ ಬಗ್ಗೆ ಎಚ್ಚರದಿಂದಿರಬೇಕು ಎಂದರು.
ಕಾನೂನಿನ ಅಜ್ಞಾನಕ್ಕೆ ಕ್ಷಮೆಯಿಲ್ಲ. ಆದ್ದರಿಂದ ತಮಗೆ ಅನ್ವಯಿಸುವ ಕಾನೂನುಗಳನ್ನು ಪ್ರತಿಯೊಬ್ಬರೂ ತಿಳಿದುಕೊಳ್ಳಬೇಕು ಎಂದು ಜಿಲ್ಲಾ ಕಾನೂನು ಸೇವಾ ಪ್ರಾಧಿಕಾರದ ಸದಸ್ಯ ಕಾರ್ಯದರ್ಶಿ ಹೇಳಿದರು. ಕಠಿಣ ಕಾಯ್ದೆಗಳ ಜೊತೆಗೆ ರಕ್ಷಣಾತ್ಮಕ ಕಾನೂನುಗಳೂ ಇವೆ. ಲೋಕ ಅದಾಲತ್ ಮೂಲಕ ಪ್ರಕರಣಗಳನ್ನು ರಾಜಿ ಸಂಧಾನದ ಮೂಲಕ ಇತ್ಯರ್ಥಪಡಿಸಿಕೊಳ್ಳಬಹುದು. ಉಚಿತ ಕಾನೂನು ನೆರವು ಪಡೆಯಲು ಪ್ರಾಧಿಕಾರವನ್ನು ಸಂಪರ್ಕಿಸಬಹುದು. ಮಹಿಳೆಯರು, ಮಕ್ಕಳು, ಹಿರಿಯ ನಾಗರಿಕರು, ಪರಿಶಿಷ್ಟ ಜಾತಿ ಮತ್ತು ಪಂಗಡದವರು ಉಚಿತ ಕಾನೂನು ನೆರವಿಗೆ ಅರ್ಹರಾಗಿರುತ್ತಾರೆ. ಪೊಲೀಸ್ ಇಲಾಖೆ, ಅಧಿಕಾರಿಗಳು, ನ್ಯಾಯವಾದಿಗಳು, ಸಾರ್ವಜನಿಕರು ಕಾರ್ಯಕ್ರಮದಲ್ಲಿ ಪಾಲ್ಗೊಂಡಿದ್ದರು. ಸಂವಿಧಾನ ನೀಡಿರುವ ಮೂಲಭೂತ ಹಕ್ಕುಗಳು ಮತ್ತು ಕರ್ತವ್ಯಗಳ ಬಗ್ಗೆ ಅರಿವು ಹೊಂದಬೇಕು. ಸೈಬರ್ ಅಪರಾಧಗಳ ಬಗ್ಗೆ ಎಚ್ಚರದಿಂದಿರಬೇಕು ಎಂದರು.
ಕಾನೂನಿನ ಅಜ್ಞಾನಕ್ಕೆ ಕ್ಷಮೆಯಿಲ್ಲ. ಆದ್ದರಿಂದ ತಮಗೆ ಅನ್ವಯಿಸುವ ಕಾನೂನುಗಳನ್ನು ಪ್ರತಿಯೊಬ್ಬರೂ ತಿಳಿದುಕೊಳ್ಳಬೇಕು ಎಂದು ಜಿಲ್ಲಾ ಕಾನೂನು ಸೇವಾ ಪ್ರಾಧಿಕಾರದ ಸದಸ್ಯ ಕಾರ್ಯದರ್ಶಿ ಹೇಳಿದರು. ಕಠಿಣ ಕಾಯ್ದೆಗಳ ಜೊತೆಗೆ ರಕ್ಷಣಾತ್ಮಕ ಕಾನೂನುಗಳೂ ಇವೆ. ಲೋಕ ಅದಾಲತ್ ಮೂಲಕ ಪ್ರಕರಣಗಳನ್ನು ರಾಜಿ ಸಂಧಾನದ ಮೂಲಕ ಇತ್ಯರ್ಥಪಡಿಸಿಕೊಳ್ಳಬಹುದು. ಉಚಿತ ಕಾನೂನು ನೆರವು ಪಡೆಯಲು ಪ್ರಾಧಿಕಾರವನ್ನು ಸಂಪರ್ಕಿಸಬಹುದು. ಮಹಿಳೆಯರು, ಮಕ್ಕಳು, ಹಿರಿಯ ನಾಗರಿಕರು, ಪರಿಶಿಷ್ಟ ಜಾತಿ ಮತ್ತು ಪಂಗಡದವರು ಉಚಿತ ಕಾನೂನು ನೆರವಿಗೆ ಅರ್ಹರಾಗಿರುತ್ತಾರೆ. ಪೊಲೀಸ್ ಇಲಾಖೆ, ಅಧಿಕಾರಿಗಳು, ನ್ಯಾಯವಾದಿಗಳು, ಸಾರ್ವಜನಿಕರು ಕಾರ್ಯಕ್ರಮದಲ್ಲಿ ಪಾಲ್ಗೊಂಡಿದ್ದರು. ಸಂವಿಧಾನ ನೀಡಿರುವ ಮೂಲಭೂತ ಹಕ್ಕುಗಳು ಮತ್ತು ಕರ್ತವ್ಯಗಳ ಬಗ್ಗೆ ಅರಿವು ಹೊಂದಬೇಕು. ಸೈಬರ್ ಅಪರಾಧಗಳ ಬಗ್ಗೆ ಎಚ್ಚರದಿಂದಿರಬೇಕು ಎಂದರು.
ಕಾನೂನಿನ ಅಜ್ಞಾನಕ್ಕೆ ಕ್ಷಮೆಯಿಲ್ಲ. ಆದ್ದರಿಂದ ತಮಗೆ ಅನ್ವಯಿಸುವ ಕಾನೂನುಗಳನ್ನು ಪ್ರತಿಯೊಬ್ಬರೂ ತಿಳಿದುಕೊಳ್ಳಬೇಕು ಎಂದು ಜಿಲ್ಲಾ ಕಾನೂನು ಸೇವಾ ಪ್ರಾಧಿಕಾರದ ಸದಸ್ಯ ಕಾರ್ಯದರ್ಶಿ ಹೇಳಿದರು. ಕಠಿಣ ಕಾಯ್ದೆಗಳ ಜೊತೆಗೆ ರಕ್ಷಣಾತ್ಮಕ ಕಾನೂನುಗಳೂ ಇವೆ. ಲೋಕ ಅದಾಲತ್ ಮೂಲಕ ಪ್ರಕರಣಗಳನ್ನು ರಾಜಿ ಸಂಧಾನದ ಮೂಲಕ ಇತ್ಯರ್ಥಪಡಿಸಿಕೊಳ್ಳಬಹುದು. ಉಚಿತ ಕಾನೂನು ನೆರವು ಪಡೆಯಲು ಪ್ರಾಧಿಕಾರವನ್ನು ಸಂಪರ್ಕಿಸಬಹುದು. ಮಹಿಳೆಯರು, ಮಕ್ಕಳು, ಹಿರಿಯ ನಾಗರಿಕರು, ಪರಿಶಿಷ್ಟ ಜಾತಿ ಮತ್ತು ಪಂಗಡದವರು ಉಚಿತ ಕಾನೂನು ನೆರವಿಗೆ ಅರ್ಹರಾಗಿರುತ್ತಾರೆ. ಪೊಲೀಸ್ ಇಲಾಖೆ, ಅಧಿಕಾರಿಗಳು, ನ್ಯಾಯವಾದಿಗಳು, ಸಾರ್ವಜನಿಕರು ಕಾರ್ಯಕ್ರಮದಲ್ಲಿ ಪಾಲ್ಗೊಂಡಿದ್ದರು. ಸಂವಿಧಾನ ನೀಡಿರುವ ಮೂಲಭೂತ ಹಕ್ಕುಗಳು ಮತ್ತು ಕರ್ತವ್ಯಗಳ ಬಗ್ಗೆ ಅರಿವು ಹೊಂದಬೇಕು. ಸೈಬರ್ ಅಪರಾಧಗಳ ಬಗ್ಗೆ ಎಚ್ಚರದಿಂದಿರಬೇಕು ಎಂದರು.
ಪುರಸಭೆ ಕಾರ್ಯಾಲಯ, ಮಸ್ಕಿ
ಸಂಖ್ಯೆ:ಪುಸಮ:ಕಾಬ್ರಿಕ್ಸ್-ಟೆಂಡರ್:14:2024-25	ದಿನಾಂಕ: 17-03-2025
--:: ಟೆಂಡರ್ ಪ್ರಕಟಣೆ ::--
(ಶೆಡ್ಯೂಲ್ ಮೊತ್ತದ ಕಡಿತ)
ಮಸ್ಕಿ ಪುರಸಭೆಯ ಸ್ಟ 2020-21, 2021-22 ಮತ್ತು 2022-23 ನೇ ಸಾಲಿನ 15 ನೇ ಹಣಕಾಸು ಅನುದಾನದಲ್ಲಿ ಕೈಗೊಳ್ಳುವ ಸಿವಿಲ್ ಕಾಮಗಾರಿಗಳಿಗೆ ಪ್ರಥಮ-1 ರಲ್ಲಿ ಕರೆಯಲಾಗಿದ್ದ (ಇಂಡೆಂಟ್ ನಂ: 37604) (ಇಂಡೆಂಟ್ ನಂ: 37611, 37572) ಪ್ರಥಮ-2 ರಲ್ಲಿ ಕರೆಯಲಾದ ಕಾಮಗಾರಿಗಳು (ಇಂಡೆಂಟ್ ನಂ: 37585) ಪ್ರಥಮ-2 ರಲ್ಲಿ ಕರೆಯಲಾದ (ಇಂಡೆಂಟ್ ನಂ: 37607, 37566, 37567, 37569, 37574) ಕಾಮಗಾರಿಗಳಿಗೆ ಆನ್‌ಲೈನ್ ಮೂಲಕ ಟೆಂಡರ್ ಸಲ್ಲಿಸಬಹುದಾಗಿದೆ. ಹೆಚ್ಚಿನ ವಿವರಗಳಿಗೆ ಪೋರ್ಟಲ್ ನೋಡಬಹುದು. ಟೆಂಡರ್ ಸಲ್ಲಿಸಲು ಕೊನೆಯ ದಿನಾಂಕ: 25.03.2025 @ 4.30 ಗಂಟೆಯವರೆಗೆ. ತಾಂತ್ರಿಕ ಬಿಡ್ ತೆರೆಯುವ ದಿನಾಂಕ: 26.03.2025 @ 4.45 PM.
kppp.karnataka.gov.in
www.maskitown.mrc.gov.in
ಸಹಿ/- ಮುಖ್ಯಾಧಿಕಾರಿಗಳು ಪುರಸಭೆ, ಮಸ್ಕಿ
DIP/RCR/834/KSMC&A/838/2024-25
ಕರ್ನಾಟಕ ನಗರ ನೀರು ಸರಬರಾಜು ಮತ್ತು ಒಳಚರಂಡಿ ಮಂಡಳಿ, ಕಾರ್ಯಪಾಲಕ ಅಭಿಯಂತರರ ವಿಭಾಗ, ಕಚೇರಿ ಕೋಟೆ, ಬಳ್ಳಾರಿ-583 102.
ದೂರವಾಣಿ: 08392 267762	E-mail: eekwbbellary@gmail.com
ಅಲ್ಪಾವಧಿ ಟೆಂಡರ್ ಪ್ರಕಟಣೆ
ಕರ್ನಾಟಕ ನಗರ ನೀರು ಸರಬರಾಜು ಮತ್ತು ಒಳಚರಂಡಿ ಮಂಡಳಿ ವತಿಯಿಂದ ಕೆಳಕಂಡ ಕಾಮಗಾರಿಗಳಿಗೆ ಇ-ಪ್ರೊಕ್ಯೂರ್‌ಮೆಂಟ್ ಮೂಲಕ ಟೆಂಡರ್ ಆಹ್ವಾನಿಸಲಾಗಿದೆ. 1. 2024-25ನೇ ಸಾಲಿನ ಕುಡಿಯುವ ನೀರು ಸರಬರಾಜು ಯೋಜನೆ ನಿರ್ವಹಣೆ - Swing check valve (NRV) ಅಳವಡಿಕೆ. ಅಂದಾಜು ಮೊತ್ತ: ರೂ. 3,94,812-00. ಇ.ಎಂ.ಡಿ: ರೂ. 10,000-00. ಟೆಂಡರ್ ಶುಲ್ಕ: ರೂ. 2,400-00. 2. 2024-25ನೇ ಸಾಲಿನ ನೀರು ಸರಬರಾಜು ಯೋಜನೆ ಪಂಪ್ ಮೋಟಾರ್ ದುರಸ್ತಿ. ಅಂದಾಜು ಮೊತ್ತ: ರೂ. 1,84,667-00. ಇ.ಎಂ.ಡಿ: ರೂ. 7,200-00. ಟೆಂಡರ್ ಶುಲ್ಕ: ರೂ. 1,700-00. ಟೆಂಡರ್ ಸಲ್ಲಿಸಲು ಕೊನೆಯ ದಿನಾಂಕ: 26-03-2025. ತಾಂತ್ರಿಕ ಬಿಡ್ ತೆರೆಯುವ ದಿನಾಂಕ: 27-03-2025. ಪೂರ್ವ ಬಿಡ್ ಸಭೆ: 29-03-2025.
ಸಹಿ/- ಕಾರ್ಯಪಾಲಕ ಅಭಿಯಂತರರು ಕನಗನೀಸ ಮತ್ತು ಒಚ ಮಂಡಳಿ, ವಿಭಾಗ, ಬಳ್ಳಾರಿ.
ಡಿಐಪಿ/ಬಳ್ಳಾರಿ/1043/ಕೆಎಸ್‌ಎಂಸಿಎ/2024-25
ನಗಸಕಾ/ನಗರಸಭೆ ಹರಾಜು/01/2024-25	ದಿನಾಂಕ: 17.03.2025
ಸಾರ್ವಜನಿಕ ಪ್ರಕಟಣೆ
ಈ ಮೂಲಕ ಸಿರುಗುಪ್ಪ ನಗರಸಭೆ ವ್ಯಾಪ್ತಿಯ ಸಾರ್ವಜನಿಕರಿಗೆ ತಿಳಿಯಪಡಿಸುವುದೇನೆಂದರೆ, 2025-26ನೇ ಸಾಲಿಗೆ ಸಿರುಗುಪ್ಪ ನಗರಸಭೆ ವ್ಯಾಪ್ತಿಯಲ್ಲಿ ಕೆಳಕಂಡ ಶುಲ್ಕಗಳನ್ನು ವಸೂಲಿ ಮಾಡುವ ಹಕ್ಕನ್ನು ಬಹಿರಂಗ ಹರಾಜು ಮೂಲಕ ವಿಲೇವಾರಿ ಮಾಡಲಾಗುವುದು. ದಿನಾಂಕ 01.04.2025 ರಿಂದ 31.03.2026 ರವರೆಗಿನ ಅವಧಿಗೆ ಹರಾಜು ನಡೆಸಲಾಗುವುದು. ದಿನಾಂಕ 27.03.2025 ರಂದು ಬೆಳಗ್ಗೆ 11.00 ಗಂಟೆಗೆ ನಗರಸಭೆ ಕಾರ್ಯಾಲಯದಲ್ಲಿ ಹರಾಜು ಪ್ರಕ್ರಿಯೆ ನಡೆಯಲಿದೆ. ಆಸಕ್ತರು ಠೇವಣಿ ಮೊತ್ತವನ್ನು ಡಿ.ಡಿ ಮೂಲಕ ಪಾವತಿಸಿ ಭಾಗವಹಿಸಬಹುದು.
ಕ್ರ.ಸಂ.	ಹರಾಜು ವಿವರ	ಠೇವಣಿ ಮೊತ್ತ	ಅವಧಿ
1	ದಿನದ ಮಾರುಕಟ್ಟೆ	ರೂ. 12,00,000/-	12 ತಿಂಗಳು
2	ವಾಹನ ನಿಲುಗಡೆ	ರೂ. 2,00,000/-	12 ತಿಂಗಳು
3	ಕುರಿ ಸಂತೆ	ರೂ. 75,000/-	12 ತಿಂಗಳು
ಸಹಿ/- (ಶ್ರೀ. ಹೆಚ್.ಎಸ್. ಗುರುಪ್ರಸಾದ್) ಕೆ.ಎಂ.ಎ.ಎಸ್. ಪೌರಾಯುಕ್ತರು ಗ್ರೇಡ್-2, ನಗರಸಭೆ, ಸಿರುಗುಪ್ಪ
ಸಹಿ/- (ಶ್ರೀಮತಿ ಡಿ. ಶೀಲಾವತಿ) ಅಧ್ಯಕ್ಷರು, ನಗರಸಭೆ, ಸಿರುಗುಪ್ಪ
ಡಿಐಪಿ/ಬಳ್ಳಾರಿ/1045/ಕೆಎಸ್‌ಎಂಸಿಎ/2024-25
